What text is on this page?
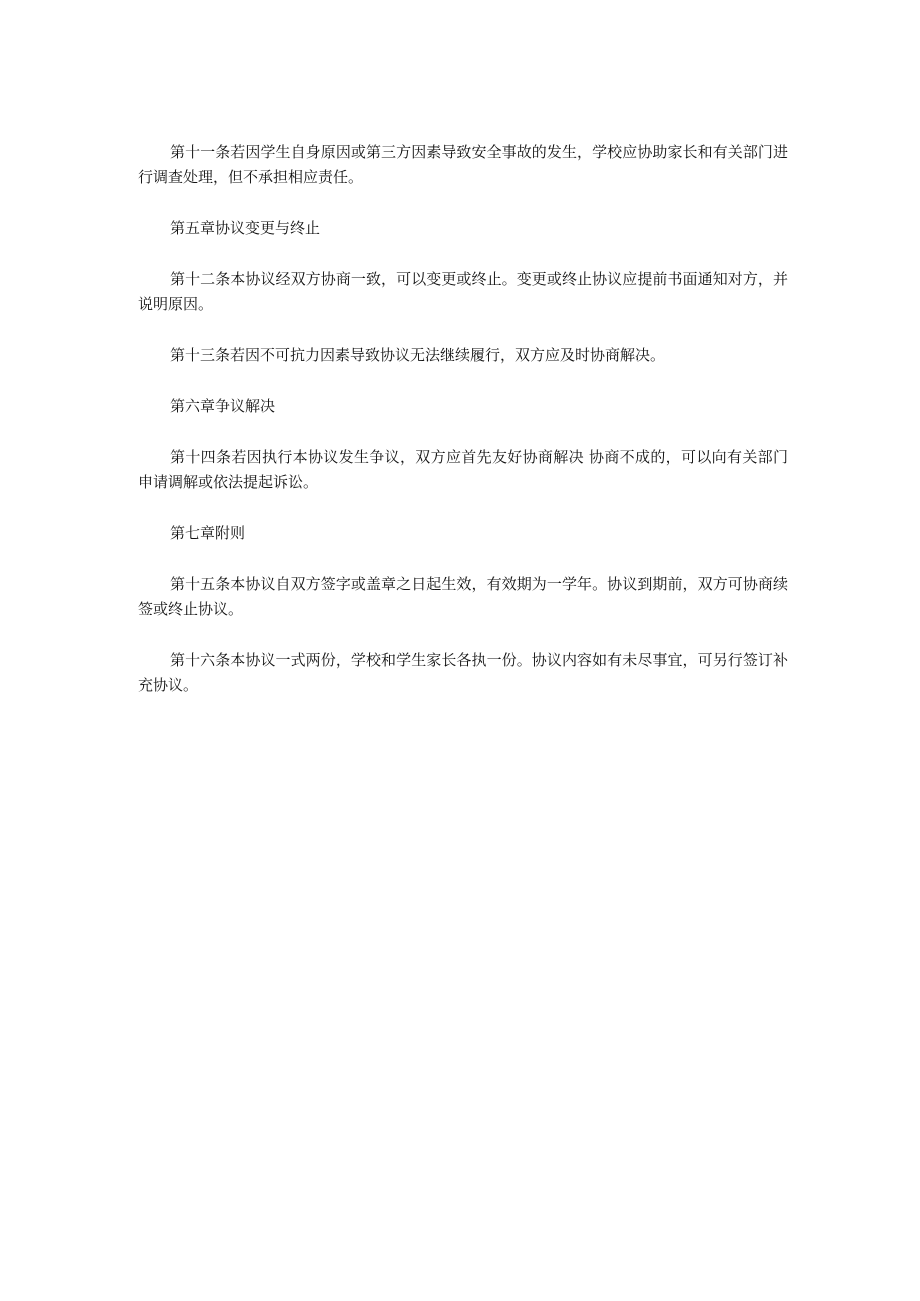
第十一条若因学生自身原因或第三方因素导致安全事故的发生，学校应协助家长和有关部门进行调查处理，但不承担相应责任。

第五章协议变更与终止

第十二条本协议经双方协商一致，可以变更或终止。变更或终止协议应提前书面通知对方，并说明原因。

第十三条若因不可抗力因素导致协议无法继续履行，双方应及时协商解决。

第六章争议解决

第十四条若因执行本协议发生争议，双方应首先友好协商解决 协商不成的，可以向有关部门申请调解或依法提起诉讼。

第七章附则

第十五条本协议自双方签字或盖章之日起生效，有效期为一学年。协议到期前，双方可协商续签或终止协议。

第十六条本协议一式两份，学校和学生家长各执一份。协议内容如有未尽事宜，可另行签订补充协议。
